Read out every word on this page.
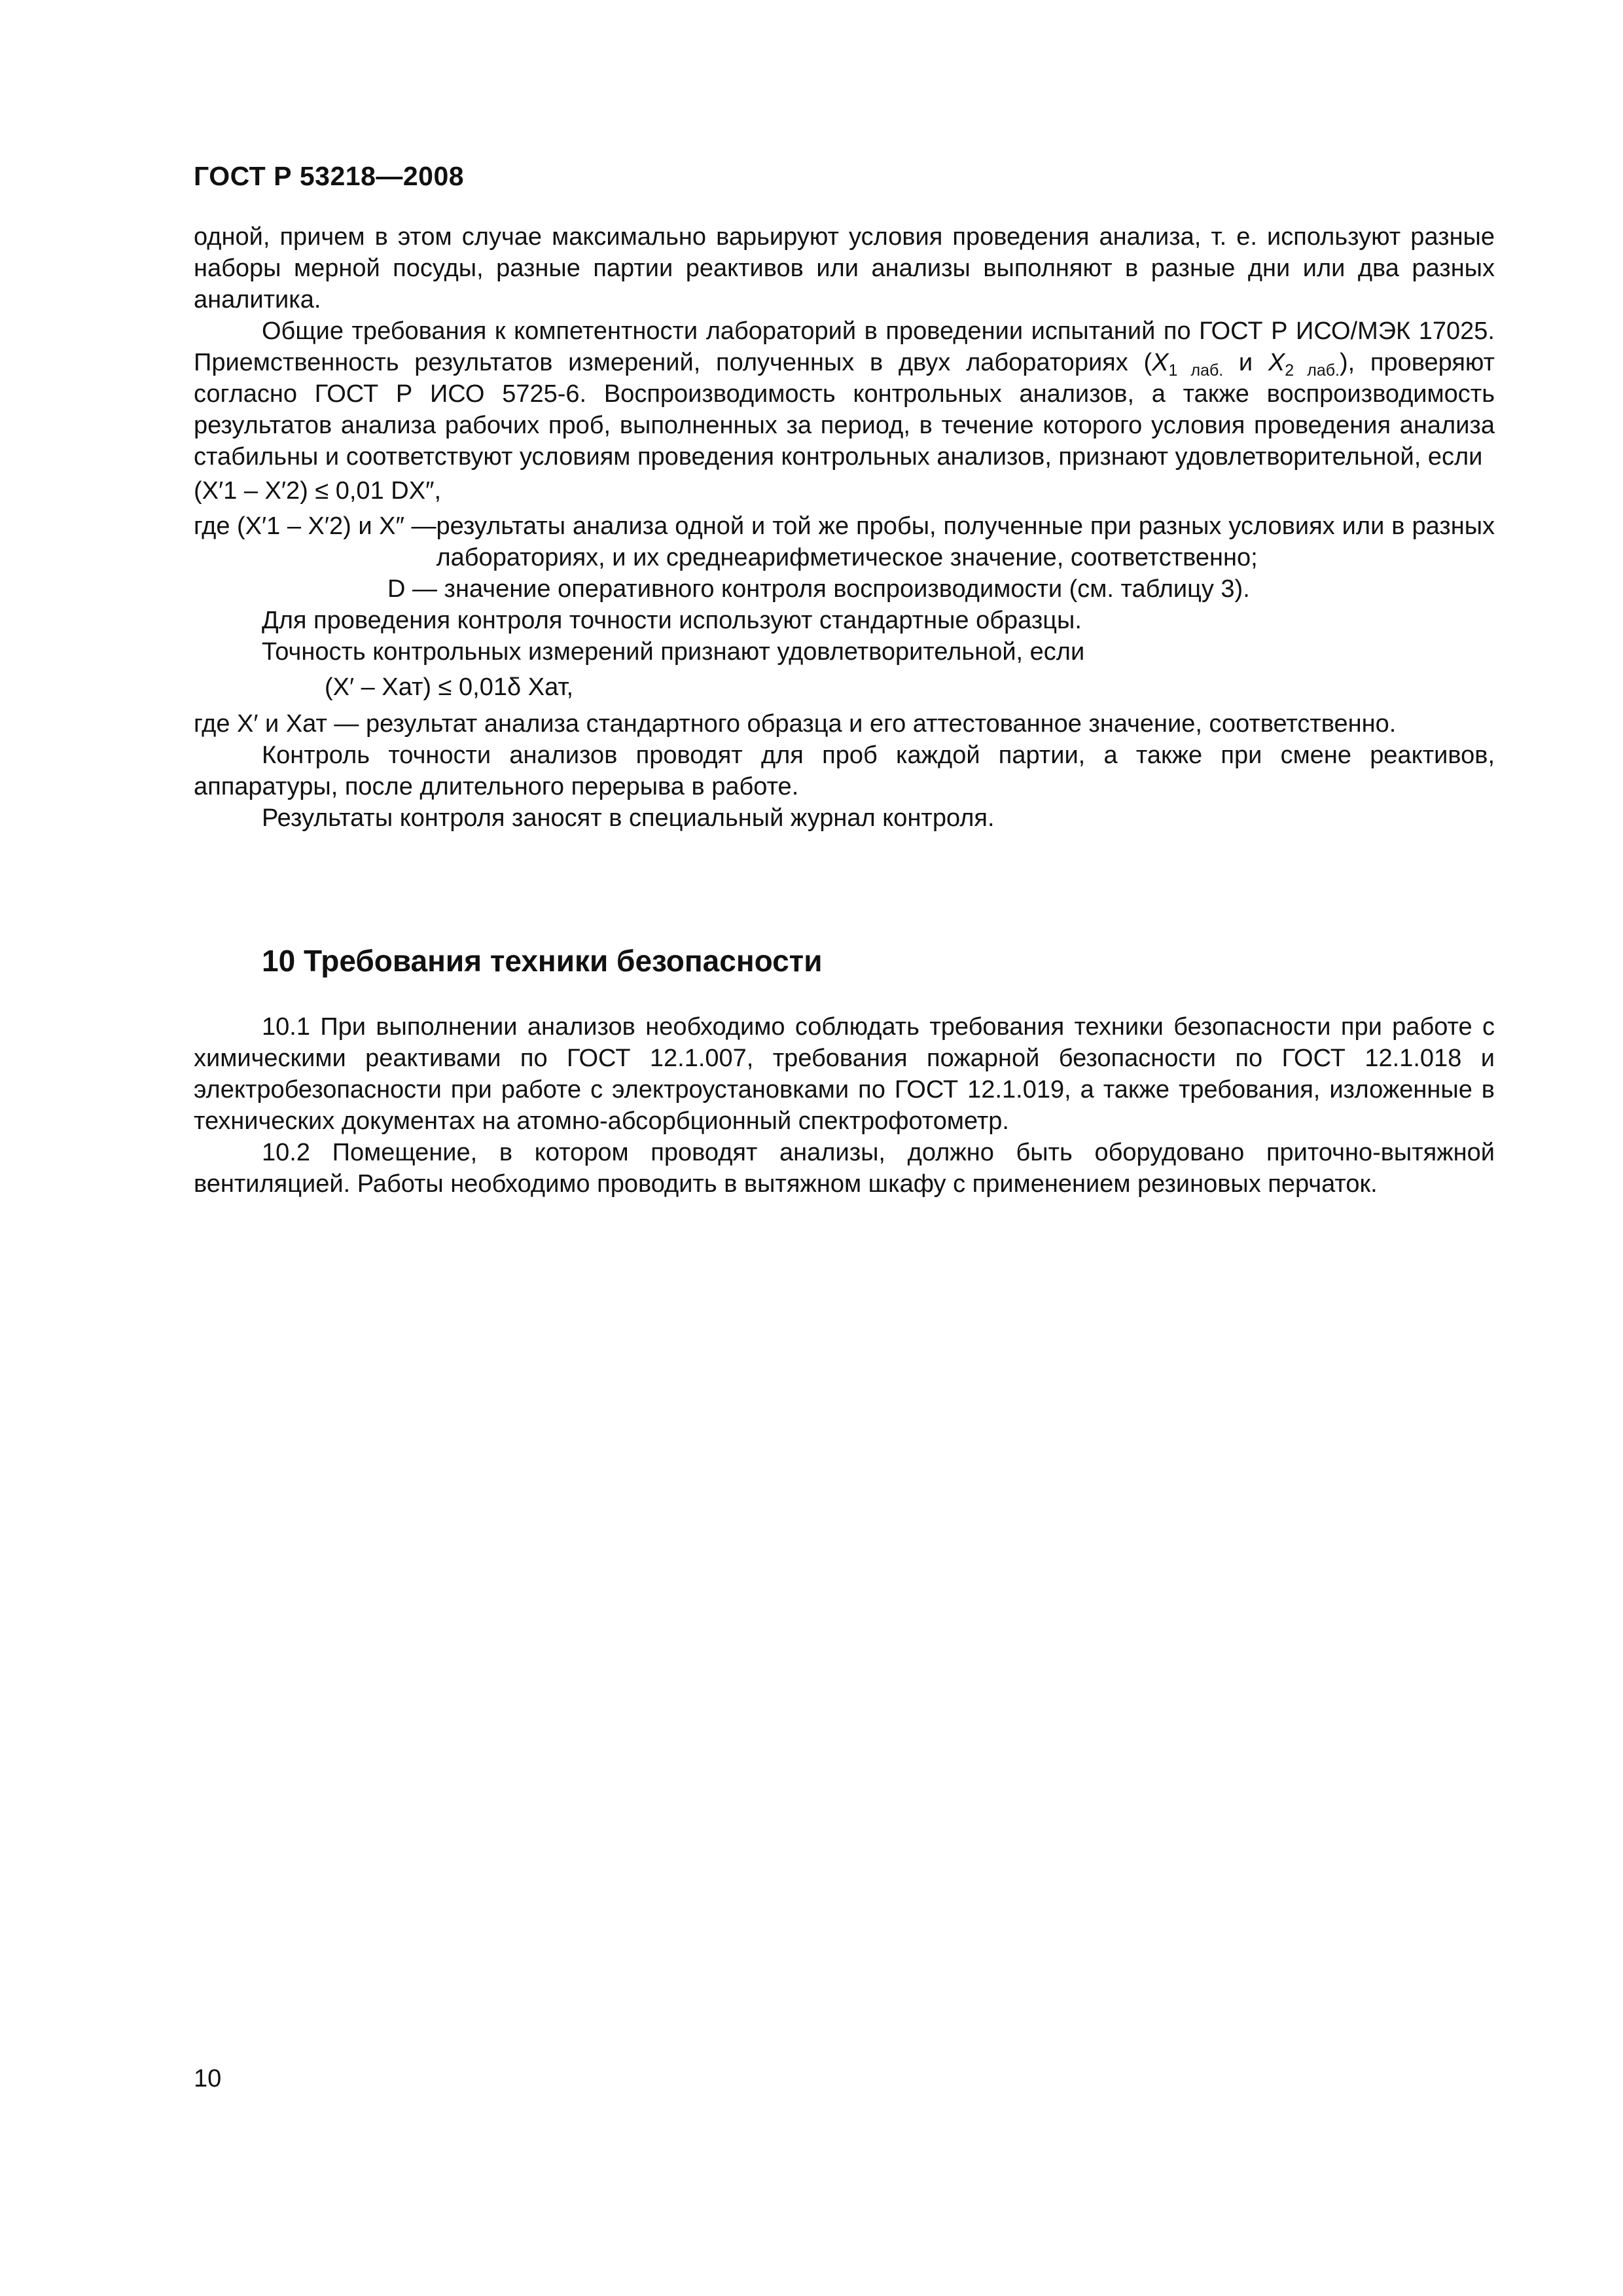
ГОСТ Р 53218—2008

одной, причем в этом случае максимально варьируют условия проведения анализа, т. е. используют разные наборы мерной посуды, разные партии реактивов или анализы выполняют в разные дни или два разных аналитика.

Общие требования к компетентности лабораторий в проведении испытаний по ГОСТ Р ИСО/МЭК 17025. Приемственность результатов измерений, полученных в двух лабораториях ($X_{1 лаб.}$ и $X_{2 лаб.}$), проверяют согласно ГОСТ Р ИСО 5725-6. Воспроизводимость контрольных анализов, а также воспроизводимость результатов анализа рабочих проб, выполненных за период, в течение которого условия проведения анализа стабильны и соответствуют условиям проведения контрольных анализов, признают удовлетворительной, если

(X′1 – X′2) ≤ 0,01 DX″,

где (X′1 – X′2) и X″ — результаты анализа одной и той же пробы, полученные при разных условиях или в разных лабораториях, и их среднеарифметическое значение, соответственно;

D — значение оперативного контроля воспроизводимости (см. таблицу 3).

Для проведения контроля точности используют стандартные образцы.

Точность контрольных измерений признают удовлетворительной, если

(X′ – Xат) ≤ 0,01δ Xат,

где X′ и Xат — результат анализа стандартного образца и его аттестованное значение, соответственно.

Контроль точности анализов проводят для проб каждой партии, а также при смене реактивов, аппаратуры, после длительного перерыва в работе.

Результаты контроля заносят в специальный журнал контроля.

10 Требования техники безопасности

10.1 При выполнении анализов необходимо соблюдать требования техники безопасности при работе с химическими реактивами по ГОСТ 12.1.007, требования пожарной безопасности по ГОСТ 12.1.018 и электробезопасности при работе с электроустановками по ГОСТ 12.1.019, а также требования, изложенные в технических документах на атомно-абсорбционный спектрофотометр.

10.2 Помещение, в котором проводят анализы, должно быть оборудовано приточно-вытяжной вентиляцией. Работы необходимо проводить в вытяжном шкафу с применением резиновых перчаток.

10
